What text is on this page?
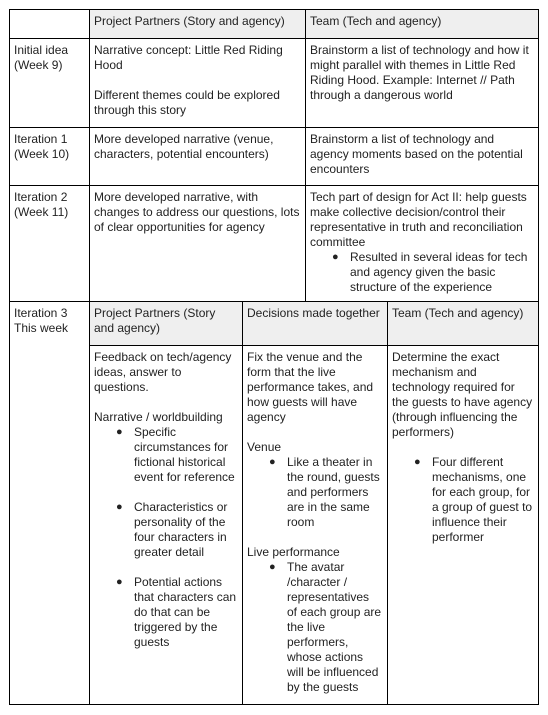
Project Partners (Story and agency)	Team (Tech and agency)
Initial idea (Week 9)

Narrative concept: Little Red Riding Hood

Different themes could be explored through this story

Brainstorm a list of technology and how it might parallel with themes in Little Red Riding Hood. Example: Internet // Path through a dangerous world
Iteration 1 (Week 10)
More developed narrative (venue, characters, potential encounters)
Brainstorm a list of technology and agency moments based on the potential encounters
Iteration 2 (Week 11)
More developed narrative, with changes to address our questions, lots of clear opportunities for agency

Tech part of design for Act II: help guests make collective decision/control their representative in truth and reconciliation committee

● Resulted in several ideas for tech and agency given the basic structure of the experience
Iteration 3 This week
Project Partners (Story and agency)
Decisions made together	Team (Tech and agency)

Feedback on tech/agency ideas, answer to questions.

Narrative / worldbuilding

● Specific circumstances for fictional historical event for reference
● Characteristics or personality of the four characters in greater detail
● Potential actions that characters can do that can be triggered by the guests

Fix the venue and the form that the live performance takes, and how guests will have agency

Venue

● Like a theater in the round, guests and performers are in the same room

Live performance

● The avatar /character / representatives of each group are the live performers, whose actions will be influenced by the guests

Determine the exact mechanism and technology required for the guests to have agency (through influencing the performers)

● Four different mechanisms, one for each group, for a group of guest to influence their performer
